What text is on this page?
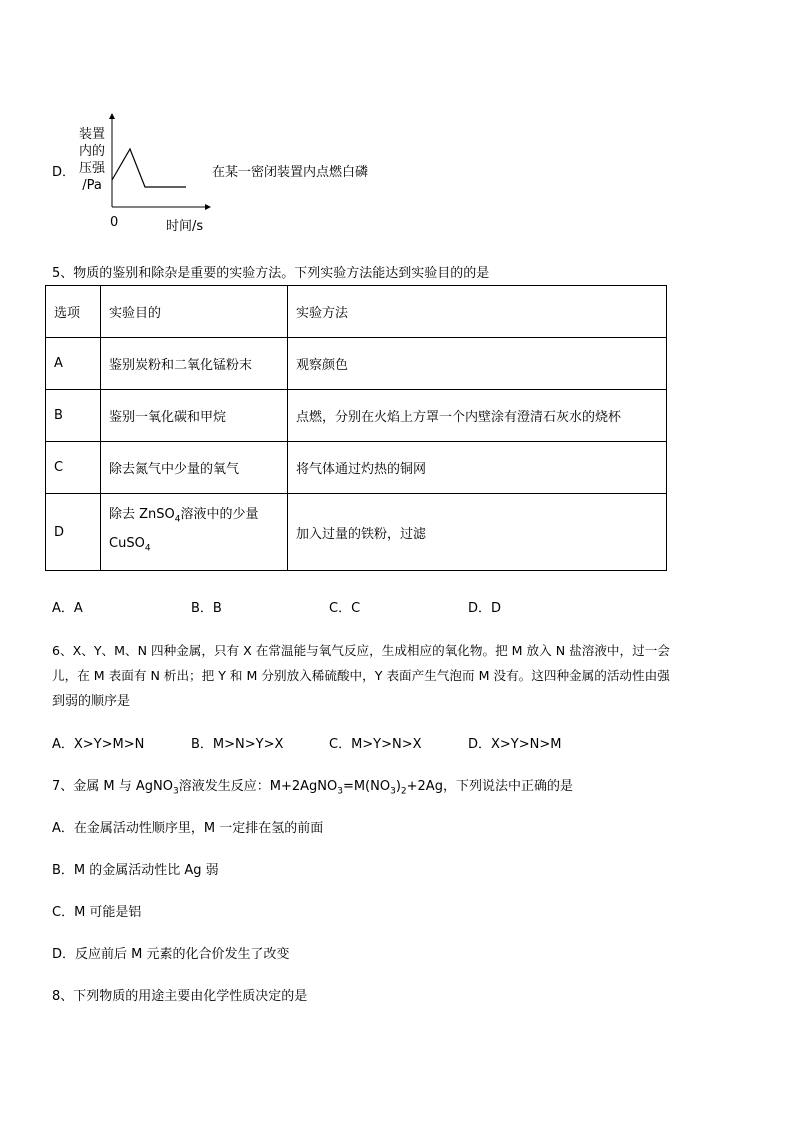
D．
装置
内的
压强
/Pa
0	时间/s
在某一密闭装置内点燃白磷
5、物质的鉴别和除杂是重要的实验方法。下列实验方法能达到实验目的的是
选项	实验目的	实验方法
A	鉴别炭粉和二氧化锰粉末	观察颜色
B	鉴别一氧化碳和甲烷	点燃，分别在火焰上方罩一个内壁涂有澄清石灰水的烧杯
C	除去氮气中少量的氧气	将气体通过灼热的铜网
D	除去 ZnSO$_4$溶液中的少量
CuSO$_4$	加入过量的铁粉，过滤
A．A	B．B	C．C	D．D
6、X、Y、M、N 四种金属，只有 X 在常温能与氧气反应，生成相应的氧化物。把 M 放入 N 盐溶液中，过一会
儿，在 M 表面有 N 析出；把 Y 和 M 分别放入稀硫酸中，Y 表面产生气泡而 M 没有。这四种金属的活动性由强
到弱的顺序是
A．X>Y>M>N	B．M>N>Y>X	C．M>Y>N>X	D．X>Y>N>M
7、金属 M 与 AgNO$_3$溶液发生反应：$M+2AgNO_3=M(NO_3)_2+2Ag$，下列说法中正确的是
A．在金属活动性顺序里，M 一定排在氢的前面
B．M 的金属活动性比 Ag 弱
C．M 可能是铝
D．反应前后 M 元素的化合价发生了改变
8、下列物质的用途主要由化学性质决定的是
